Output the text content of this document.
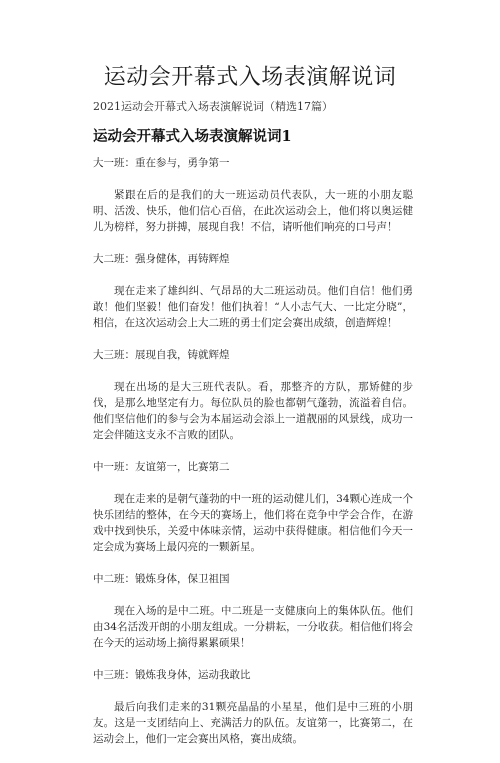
运动会开幕式入场表演解说词
2021运动会开幕式入场表演解说词（精选17篇）
运动会开幕式入场表演解说词1

大一班：重在参与，勇争第一

紧跟在后的是我们的大一班运动员代表队，大一班的小朋友聪明、活泼、快乐，他们信心百倍，在此次运动会上，他们将以奥运健儿为榜样，努力拼搏，展现自我！不信，请听他们响亮的口号声！

大二班：强身健体，再铸辉煌

现在走来了雄纠纠、气昂昂的大二班运动员。他们自信！他们勇敢！他们坚毅！他们奋发！他们执着！“人小志气大、一比定分晓”，相信，在这次运动会上大二班的勇士们定会赛出成绩，创造辉煌！

大三班：展现自我，铸就辉煌

现在出场的是大三班代表队。看，那整齐的方队，那矫健的步伐，是那么地坚定有力。每位队员的脸也都朝气蓬勃，流溢着自信。他们坚信他们的参与会为本届运动会添上一道靓丽的风景线，成功一定会伴随这支永不言败的团队。

中一班：友谊第一，比赛第二

现在走来的是朝气蓬勃的中一班的运动健儿们，34颗心连成一个快乐团结的整体，在今天的赛场上，他们将在竞争中学会合作，在游戏中找到快乐，关爱中体味亲情，运动中获得健康。相信他们今天一定会成为赛场上最闪亮的一颗新星。

中二班：锻炼身体，保卫祖国

现在入场的是中二班。中二班是一支健康向上的集体队伍。他们由34名活泼开朗的小朋友组成。一分耕耘，一分收获。相信他们将会在今天的运动场上摘得累累硕果！

中三班：锻炼我身体，运动我敢比

最后向我们走来的31颗亮晶晶的小星星，他们是中三班的小朋友。这是一支团结向上、充满活力的队伍。友谊第一，比赛第二，在运动会上，他们一定会赛出风格，赛出成绩。
